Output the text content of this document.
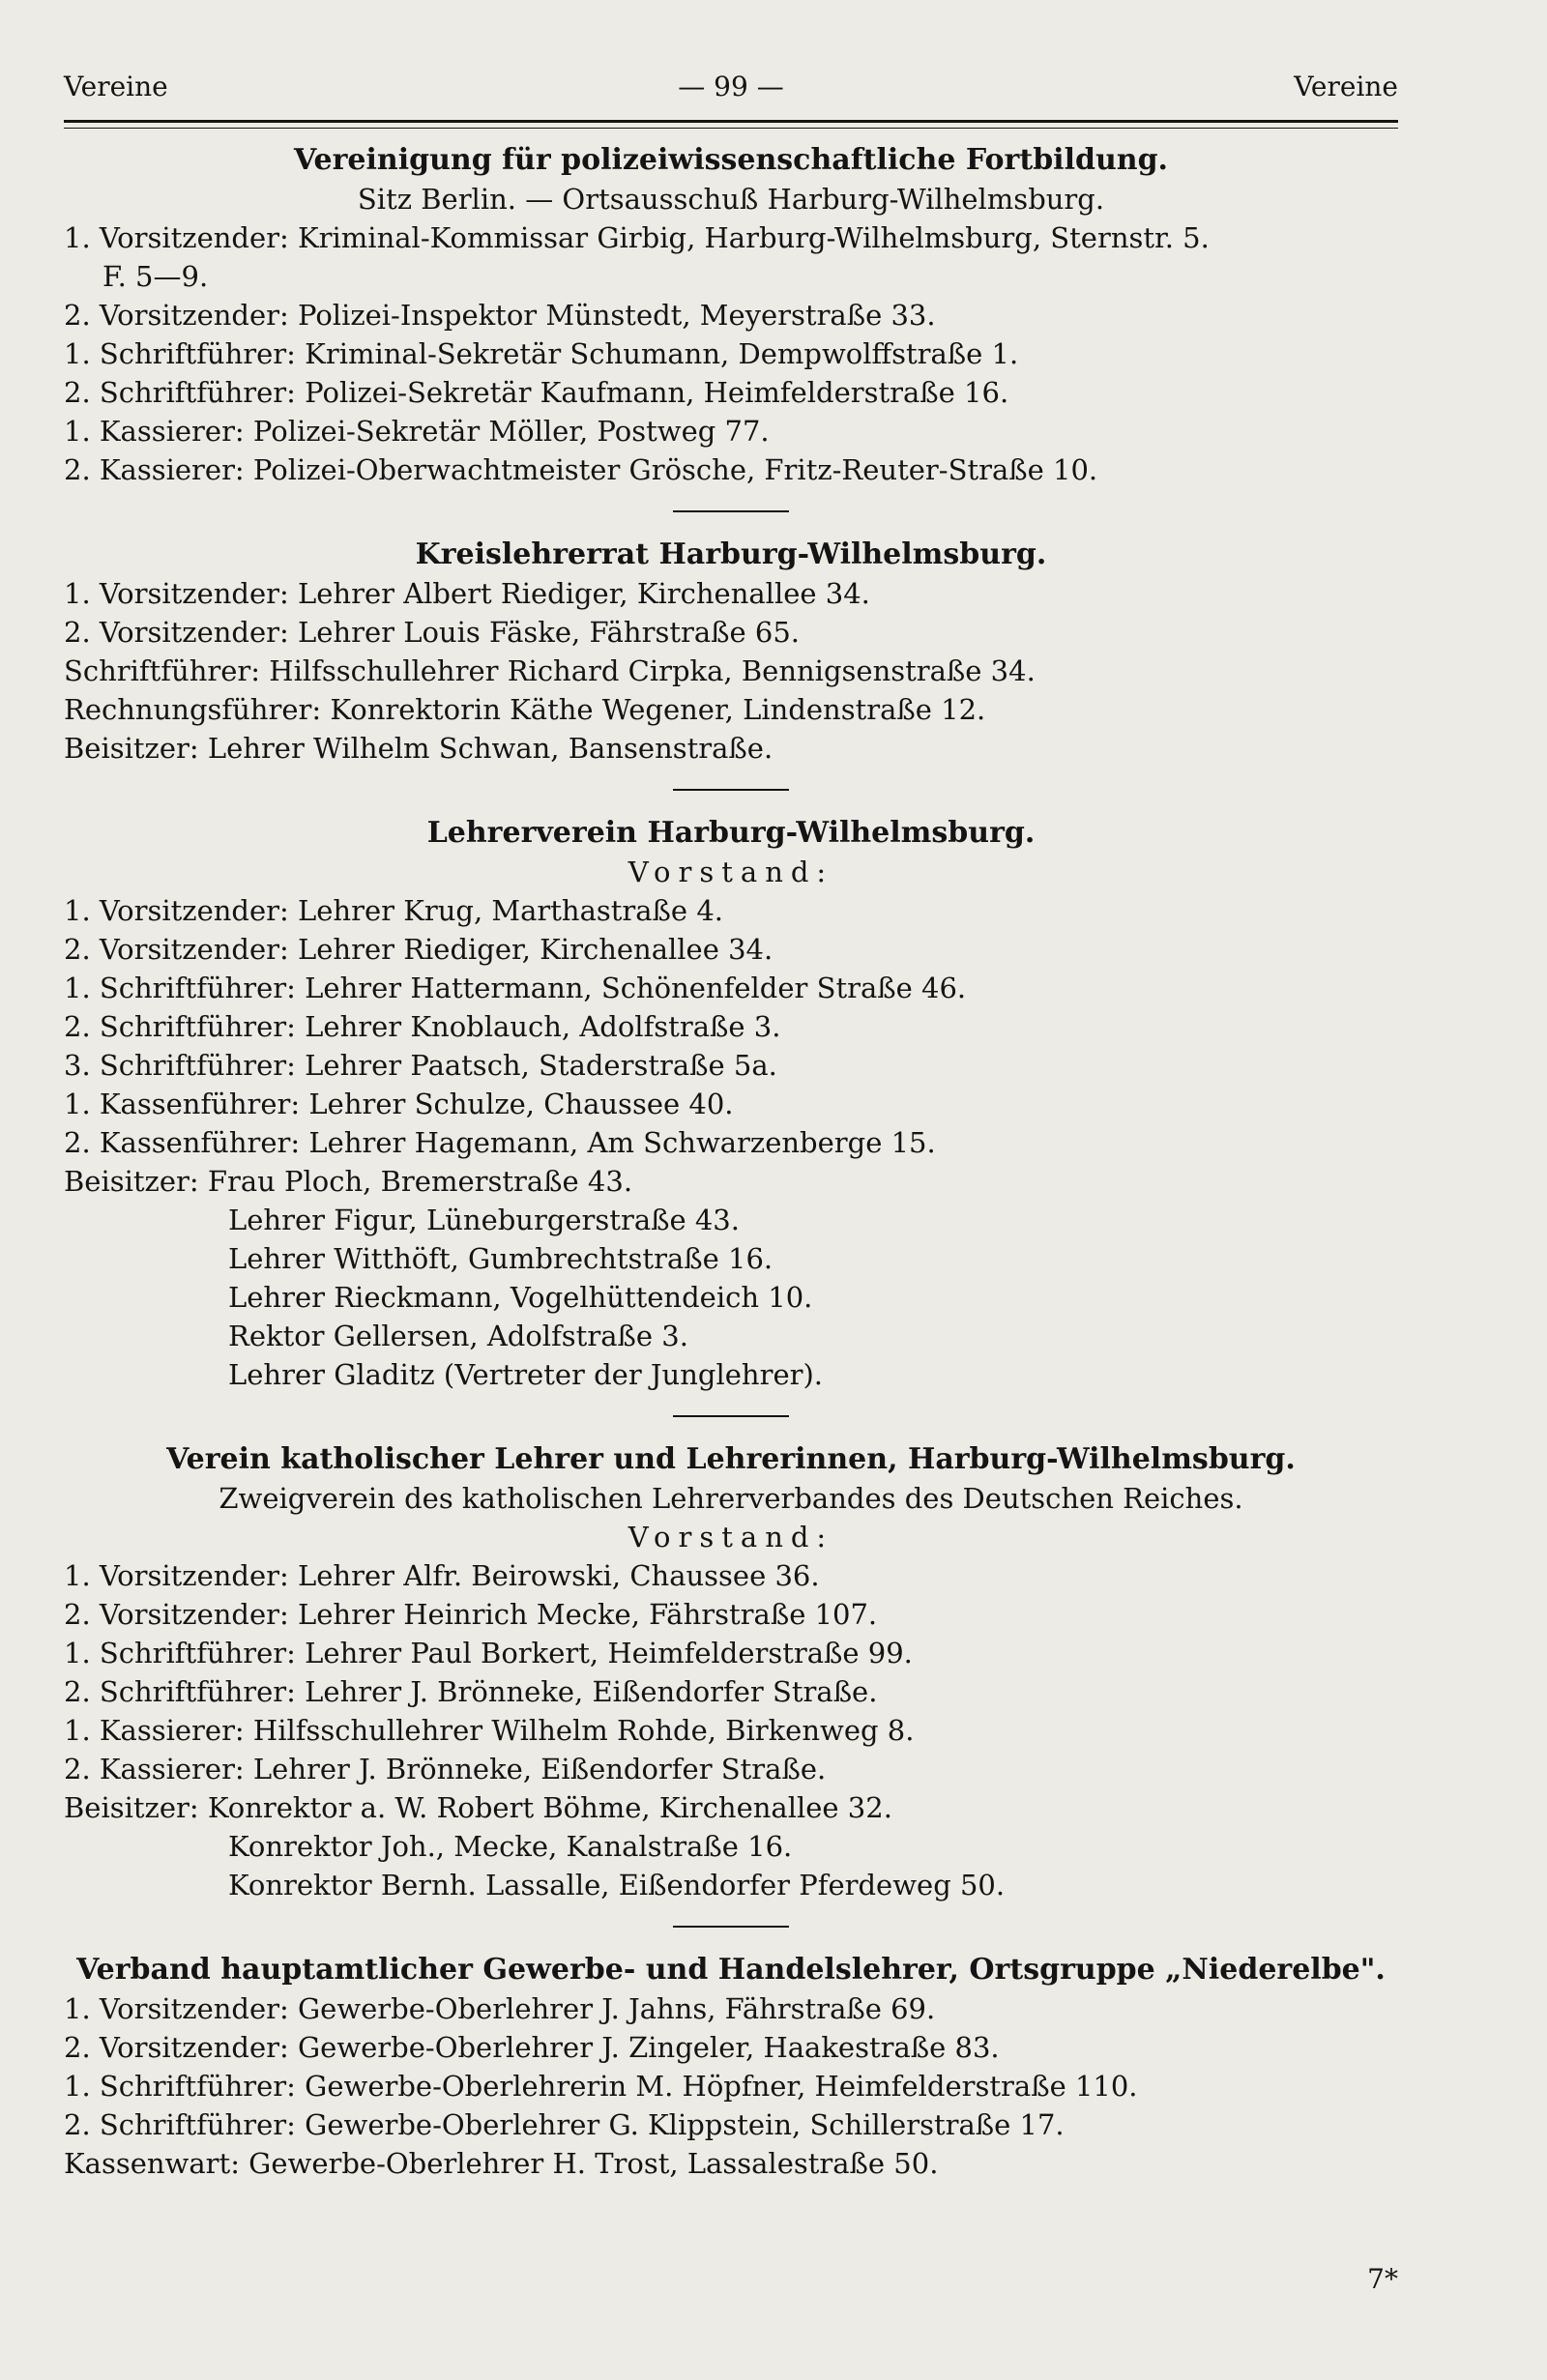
Vereine	— 99 —	Vereine
Vereinigung für polizeiwissenschaftliche Fortbildung.
Sitz Berlin. — Ortsausschuß Harburg-Wilhelmsburg.
1. Vorsitzender: Kriminal-Kommissar Girbig, Harburg-Wilhelmsburg, Sternstr. 5.
F. 5—9.
2. Vorsitzender: Polizei-Inspektor Münstedt, Meyerstraße 33.
1. Schriftführer: Kriminal-Sekretär Schumann, Dempwolffstraße 1.
2. Schriftführer: Polizei-Sekretär Kaufmann, Heimfelderstraße 16.
1. Kassierer: Polizei-Sekretär Möller, Postweg 77.
2. Kassierer: Polizei-Oberwachtmeister Grösche, Fritz-Reuter-Straße 10.
Kreislehrerrat Harburg-Wilhelmsburg.
1. Vorsitzender: Lehrer Albert Riediger, Kirchenallee 34.
2. Vorsitzender: Lehrer Louis Fäske, Fährstraße 65.
Schriftführer: Hilfsschullehrer Richard Cirpka, Bennigsenstraße 34.
Rechnungsführer: Konrektorin Käthe Wegener, Lindenstraße 12.
Beisitzer: Lehrer Wilhelm Schwan, Bansenstraße.
Lehrerverein Harburg-Wilhelmsburg.
Vorstand:
1. Vorsitzender: Lehrer Krug, Marthastraße 4.
2. Vorsitzender: Lehrer Riediger, Kirchenallee 34.
1. Schriftführer: Lehrer Hattermann, Schönenfelder Straße 46.
2. Schriftführer: Lehrer Knoblauch, Adolfstraße 3.
3. Schriftführer: Lehrer Paatsch, Staderstraße 5a.
1. Kassenführer: Lehrer Schulze, Chaussee 40.
2. Kassenführer: Lehrer Hagemann, Am Schwarzenberge 15.
Beisitzer: Frau Ploch, Bremerstraße 43.
Lehrer Figur, Lüneburgerstraße 43.
Lehrer Witthöft, Gumbrechtstraße 16.
Lehrer Rieckmann, Vogelhüttendeich 10.
Rektor Gellersen, Adolfstraße 3.
Lehrer Gladitz (Vertreter der Junglehrer).
Verein katholischer Lehrer und Lehrerinnen, Harburg-Wilhelmsburg.
Zweigverein des katholischen Lehrerverbandes des Deutschen Reiches.
Vorstand:
1. Vorsitzender: Lehrer Alfr. Beirowski, Chaussee 36.
2. Vorsitzender: Lehrer Heinrich Mecke, Fährstraße 107.
1. Schriftführer: Lehrer Paul Borkert, Heimfelderstraße 99.
2. Schriftführer: Lehrer J. Brönneke, Eißendorfer Straße.
1. Kassierer: Hilfsschullehrer Wilhelm Rohde, Birkenweg 8.
2. Kassierer: Lehrer J. Brönneke, Eißendorfer Straße.
Beisitzer: Konrektor a. W. Robert Böhme, Kirchenallee 32.
Konrektor Joh., Mecke, Kanalstraße 16.
Konrektor Bernh. Lassalle, Eißendorfer Pferdeweg 50.
Verband hauptamtlicher Gewerbe- und Handelslehrer, Ortsgruppe „Niederelbe".
1. Vorsitzender: Gewerbe-Oberlehrer J. Jahns, Fährstraße 69.
2. Vorsitzender: Gewerbe-Oberlehrer J. Zingeler, Haakestraße 83.
1. Schriftführer: Gewerbe-Oberlehrerin M. Höpfner, Heimfelderstraße 110.
2. Schriftführer: Gewerbe-Oberlehrer G. Klippstein, Schillerstraße 17.
Kassenwart: Gewerbe-Oberlehrer H. Trost, Lassalestraße 50.
7*
